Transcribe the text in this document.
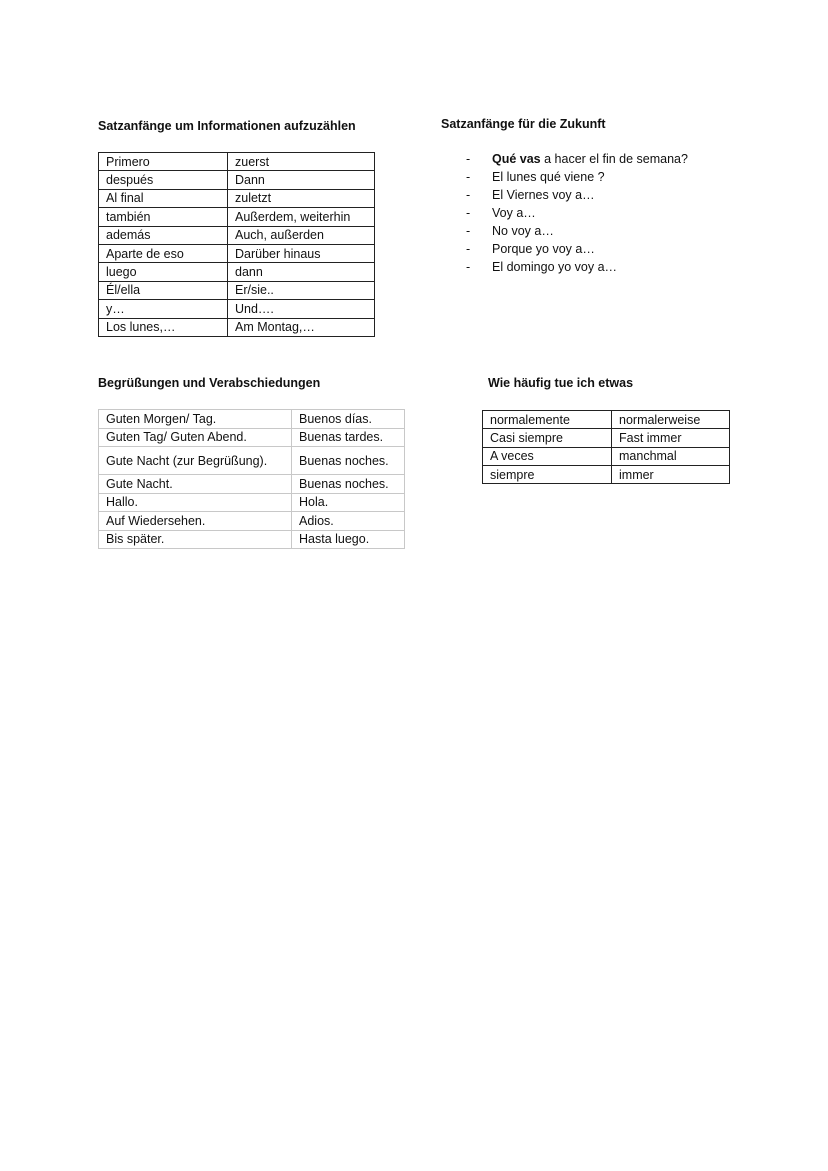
Satzanfänge um Informationen aufzuzählen
Primero	zuerst
después	Dann
Al final	zuletzt
también	Außerdem, weiterhin
además	Auch, außerden
Aparte de eso	Darüber hinaus
luego	dann
Él/ella	Er/sie..
y…	Und….
Los lunes,…	Am Montag,…
Satzanfänge für die Zukunft
- Qué vas a hacer el fin de semana?
- El lunes qué viene ?
- El Viernes voy a…
- Voy a…
- No voy a…
- Porque yo voy a…
- El domingo yo voy a…
Begrüßungen und Verabschiedungen
Guten Morgen/ Tag.	Buenos días.
Guten Tag/ Guten Abend.	Buenas tardes.
Gute Nacht (zur Begrüßung).	Buenas noches.
Gute Nacht.	Buenas noches.
Hallo.	Hola.
Auf Wiedersehen.	Adios.
Bis später.	Hasta luego.
Wie häufig tue ich etwas
normalemente	normalerweise
Casi siempre	Fast immer
A veces	manchmal
siempre	immer
